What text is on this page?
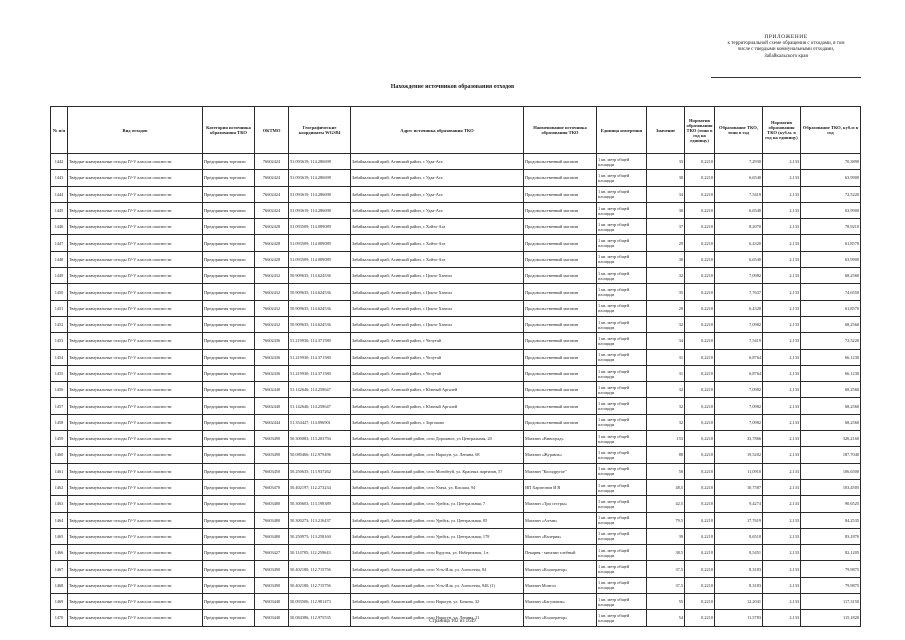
ПРИЛОЖЕНИЕ
к территориальной схеме обращения с отходами, в том
числе с твердыми коммунальными отходами,
Забайкальского края
Нахождение источников образования отходов
№ п/п	Вид отходов	Категория источника образования ТКО	ОКТМО	Географические координаты WGS84	Адрес источника образования ТКО	Наименование источника образования ТКО	Единица измерения	Значение	Норматив образования ТКО (тонн в год на единицу)	Образование ТКО, тонн в год	Норматив образования ТКО (куб.м. в год на единицу)	Образование ТКО, куб.м в год
1442	Твёрдые коммунальные отходы IV-V классов опасности	Предприятия торговли	76602424	51.093619; 114.286698	Забайкальский край, Агинский район, с Удаа-Ага	Продовольственный магазин	1 кв. метр общей площади	33	0,2210	7,2930	2,133	70,3890
1443	Твёрдые коммунальные отходы IV-V классов опасности	Предприятия торговли	76602424	51.093619; 114.286698	Забайкальский край, Агинский район, с Удаа-Ага	Продовольственный магазин	1 кв. метр общей площади	30	0,2210	6,6540	2,133	63,9900
1444	Твёрдые коммунальные отходы IV-V классов опасности	Предприятия торговли	76602424	51.093619; 114.286698	Забайкальский край, Агинский район, с Удаа-Ага	Продовольственный магазин	1 кв. метр общей площади	34	0,2210	7,5419	2,133	72,5220
1445	Твёрдые коммунальные отходы IV-V классов опасности	Предприятия торговли	76602424	51.093619; 114.286698	Забайкальский край, Агинский район, с Удаа-Ага	Продовольственный магазин	1 кв. метр общей площади	30	0,2210	6,6540	2,133	63,9900
1446	Твёрдые коммунальные отходы IV-V классов опасности	Предприятия торговли	76602428	51.093509; 114.089089	Забайкальский край, Агинский район, с Хойто-Ага	Продовольственный магазин	1 кв. метр общей площади	37	0,2210	8,2070	2,133	78,9210
1447	Твёрдые коммунальные отходы IV-V классов опасности	Предприятия торговли	76602428	51.093509; 114.089089	Забайкальский край, Агинский район, с Хойто-Ага	Продовольственный магазин	1 кв. метр общей площади	29	0,2210	6,4320	2,133	61,8570
1448	Твёрдые коммунальные отходы IV-V классов опасности	Предприятия торговли	76602428	51.093509; 114.089089	Забайкальский край, Агинский район, с Хойто-Ага	Продовольственный магазин	1 кв. метр общей площади	30	0,2210	6,6540	2,133	63,9900
1449	Твёрдые коммунальные отходы IV-V классов опасности	Предприятия торговли	76602432	50.909635; 114.624536	Забайкальский край, Агинский район, с Цокто-Хангил	Продовольственный магазин	1 кв. метр общей площади	32	0,2210	7,0982	2,133	68,2560
1450	Твёрдые коммунальные отходы IV-V классов опасности	Предприятия торговли	76602432	50.909635; 114.624536	Забайкальский край, Агинский район, с Цокто-Хангил	Продовольственный магазин	1 кв. метр общей площади	35	0,2210	7,7637	2,133	74,6550
1451	Твёрдые коммунальные отходы IV-V классов опасности	Предприятия торговли	76602432	50.909635; 114.624536	Забайкальский край, Агинский район, с Цокто-Хангил	Продовольственный магазин	1 кв. метр общей площади	29	0,2210	6,4328	2,133	61,8570
1452	Твёрдые коммунальные отходы IV-V классов опасности	Предприятия торговли	76602432	50.909635; 114.624536	Забайкальский край, Агинский район, с Цокто-Хангил	Продовольственный магазин	1 кв. метр общей площади	32	0,2210	7,0982	2,133	68,2560
1453	Твёрдые коммунальные отходы IV-V классов опасности	Предприятия торговли	76602436	51.219930; 114.371580	Забайкальский край, Агинский район, с Челутай	Продовольственный магазин	1 кв. метр общей площади	34	0,2210	7,5419	2,133	72,5220
1454	Твёрдые коммунальные отходы IV-V классов опасности	Предприятия торговли	76602436	51.219930; 114.371580	Забайкальский край, Агинский район, с Челутай	Продовольственный магазин	1 кв. метр общей площади	31	0,2210	6,8764	2,133	66,1230
1455	Твёрдые коммунальные отходы IV-V классов опасности	Предприятия торговли	76602436	51.219930; 114.371580	Забайкальский край, Агинский район, с Челутай	Продовольственный магазин	1 кв. метр общей площади	31	0,2210	6,8764	2,133	66,1230
1456	Твёрдые коммунальные отходы IV-V классов опасности	Предприятия торговли	76602440	51.142646; 114.258647	Забайкальский край, Агинский район, с Южный Аргалей	Продовольственный магазин	1 кв. метр общей площади	32	0,2210	7,0982	2,133	68,2560
1457	Твёрдые коммунальные отходы IV-V классов опасности	Предприятия торговли	76602440	51.142646; 114.258647	Забайкальский край, Агинский район, с Южный Аргалей	Продовольственный магазин	1 кв. метр общей площади	32	0,2210	7,0982	2,133	68,2560
1458	Твёрдые коммунальные отходы IV-V классов опасности	Предприятия торговли	76602444	51.354427; 114.096901	Забайкальский край, Агинский район, с Зоргоково	Продовольственный магазин	1 кв. метр общей площади	32	0,2210	7,0982	2,133	68,2560
1459	Твёрдые коммунальные отходы IV-V классов опасности	Предприятия торговли	76603490	50.300083; 113.203794	Забайкальский край, Акшинский район, село Дорожное, ул Центральная, 20	Магазин «Виноград»	1 кв. метр общей площади	153	0,2210	33,7866	2,133	326,2160
1460	Твёрдые коммунальные отходы IV-V классов опасности	Предприятия торговли	76603490	50.080466; 112.979496	Забайкальский край, Акшинский район, село Нарасун, ул. Ленина, 68	Магазин «Журавль»	1 кв. метр общей площади	88	0,2210	19,5202	2,133	187,7040
1461	Твёрдые коммунальные отходы IV-V классов опасности	Предприятия торговли	76603450	50.250635; 113.937262	Забайкальский край, Акшинский район, село Могойтуй, ул. Красных партизан, 57	Магазин "Коопдругое"	1 кв. метр общей площади	50	0,2210	11,0910	2,133	106,6500
1462	Твёрдые коммунальные отходы IV-V классов опасности	Предприятия торговли	76603470	50.402197; 112.273234	Забайкальский край, Акшинский район, село Улача, ул. Кисаша, 94	ИП Харитонов И В	1 кв. метр общей площади	48,5	0,2210	10,7587	2,133	103,4505
1463	Твёрдые коммунальные отходы IV-V классов опасности	Предприятия торговли	76603480	50.300603; 113.198389	Забайкальский край, Акшинский район, село Урейск, ул. Центральная, 7	Магазин «Три сестры»	1 кв. метр общей площади	42,5	0,2210	9,4274	2,133	90,6525
1464	Твёрдые коммунальные отходы IV-V классов опасности	Предприятия торговли	76603480	50.300273; 113.216437	Забайкальский край, Акшинский район, село Урейск, ул. Центральная, 85	Магазин «Алтан»	1 кв. метр общей площади	79,5	0,2210	17,7619	2,133	84,2535
1465	Твёрдые коммунальные отходы IV-V классов опасности	Предприятия торговли	76603480	50.250975; 113.258160	Забайкальский край, Акшинский район, село Урейск, ул. Центральная, 178	Магазин «Валерия»	1 кв. метр общей площади	39	0,2210	8,6510	2,133	83,1870
1466	Твёрдые коммунальные отходы IV-V классов опасности	Предприятия торговли	76603427	50.114785; 112.259643	Забайкальский край, Акшинский район, село Курулга, ул. Набережная, 1 в	Пекарня - магазин хлебный	1 кв. метр общей площади	38,5	0,2210	8,5451	2,133	82,1205
1467	Твёрдые коммунальные отходы IV-V классов опасности	Предприятия торговли	76603490	50.402180; 112.715756	Забайкальский край, Акшинский район, село Усть-Иля, ул. Алексеева, 84	Магазин «Кооператор»	1 кв. метр общей площади	37,5	0,2210	8,3183	2,133	79,9875
1468	Твёрдые коммунальные отходы IV-V классов опасности	Предприятия торговли	76603490	50.402180; 112.715756	Забайкальский край, Акшинский район, село Усть-Иля, ул. Алексеева, 84Б (1)	Магазин Монгол	1 кв. метр общей площади	37,5	0,2210	8,3183	2,133	79,9875
1469	Твёрдые коммунальные отходы IV-V классов опасности	Предприятия торговли	76603440	50.093506; 112.981473	Забайкальский край, Акшинский район, село Нарасун, ул. Бочина, 32	Магазин «Багульник»	1 кв. метр общей площади	55	0,2210	12,2041	2,133	117,3150
1470	Твёрдые коммунальные отходы IV-V классов опасности	Предприятия торговли	76603440	50.084386; 112.975535	Забайкальский край, Акшинский район, село Нарасун, ул. Ленина, 21	Магазин «Кооператор»	1 кв. метр общей площади	54	0,2210	11,5783	2,133	115,1820
Страница 102 из 1649
